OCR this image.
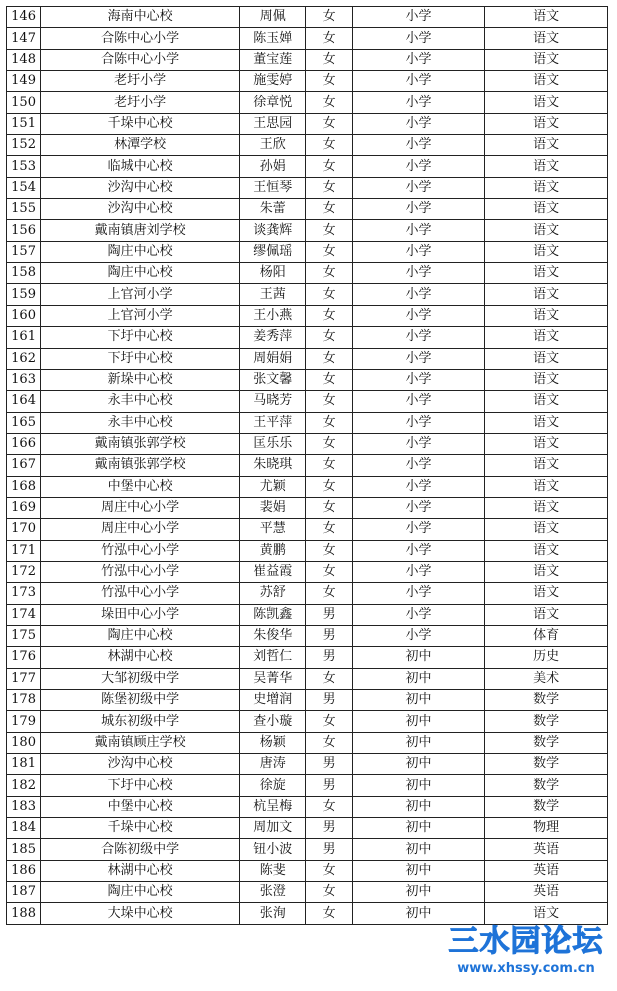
146	海南中心校	周佩	女	小学	语文
147	合陈中心小学	陈玉婵	女	小学	语文
148	合陈中心小学	董宝莲	女	小学	语文
149	老圩小学	施雯婷	女	小学	语文
150	老圩小学	徐章悦	女	小学	语文
151	千垛中心校	王思园	女	小学	语文
152	林潭学校	王欣	女	小学	语文
153	临城中心校	孙娟	女	小学	语文
154	沙沟中心校	王恒琴	女	小学	语文
155	沙沟中心校	朱蕾	女	小学	语文
156	戴南镇唐刘学校	谈龚辉	女	小学	语文
157	陶庄中心校	缪佩瑶	女	小学	语文
158	陶庄中心校	杨阳	女	小学	语文
159	上官河小学	王茜	女	小学	语文
160	上官河小学	王小燕	女	小学	语文
161	下圩中心校	姜秀萍	女	小学	语文
162	下圩中心校	周娟娟	女	小学	语文
163	新垛中心校	张文馨	女	小学	语文
164	永丰中心校	马晓芳	女	小学	语文
165	永丰中心校	王平萍	女	小学	语文
166	戴南镇张郭学校	匡乐乐	女	小学	语文
167	戴南镇张郭学校	朱晓琪	女	小学	语文
168	中堡中心校	尤颖	女	小学	语文
169	周庄中心小学	裴娟	女	小学	语文
170	周庄中心小学	平慧	女	小学	语文
171	竹泓中心小学	黄鹏	女	小学	语文
172	竹泓中心小学	崔益霞	女	小学	语文
173	竹泓中心小学	苏舒	女	小学	语文
174	垛田中心小学	陈凯鑫	男	小学	语文
175	陶庄中心校	朱俊华	男	小学	体育
176	林湖中心校	刘哲仁	男	初中	历史
177	大邹初级中学	吴菁华	女	初中	美术
178	陈堡初级中学	史增润	男	初中	数学
179	城东初级中学	查小璇	女	初中	数学
180	戴南镇顾庄学校	杨颖	女	初中	数学
181	沙沟中心校	唐涛	男	初中	数学
182	下圩中心校	徐旋	男	初中	数学
183	中堡中心校	杭呈梅	女	初中	数学
184	千垛中心校	周加文	男	初中	物理
185	合陈初级中学	钮小波	男	初中	英语
186	林湖中心校	陈斐	女	初中	英语
187	陶庄中心校	张澄	女	初中	英语
188	大垛中心校	张洵	女	初中	语文
三水园论坛
www.xhssy.com.cn
